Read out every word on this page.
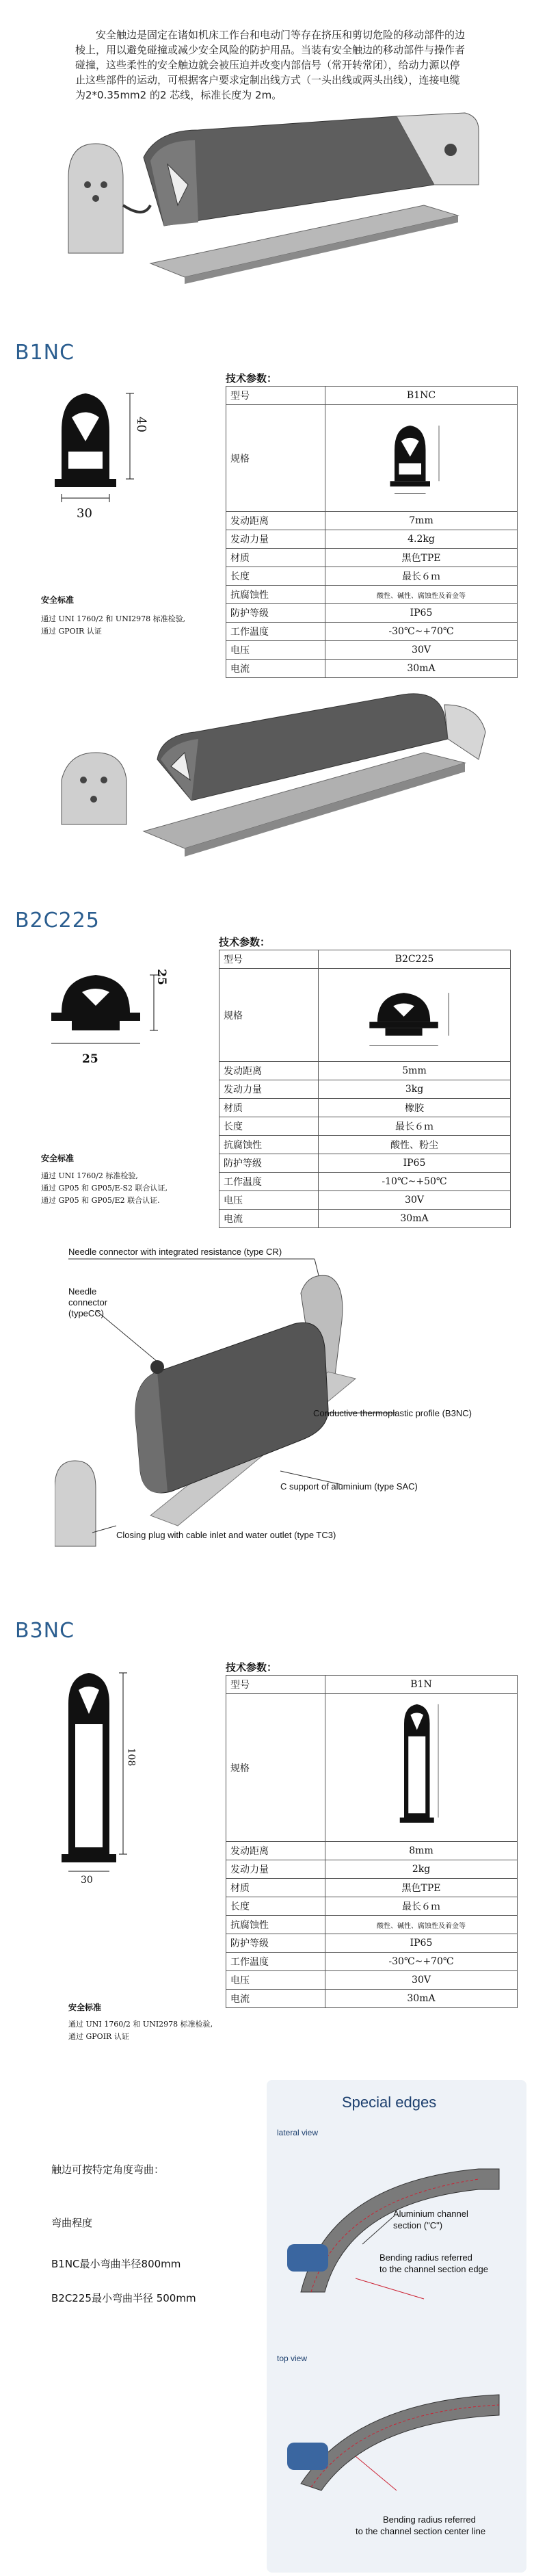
安全触边是固定在诸如机床工作台和电动门等存在挤压和剪切危险的移动部件的边棱上，用以避免碰撞或减少安全风险的防护用品。当装有安全触边的移动部件与操作者碰撞，这些柔性的安全触边就会被压迫并改变内部信号（常开转常闭），给动力源以停止这些部件的运动，可根据客户要求定制出线方式（一头出线或两头出线），连接电缆为2*0.35mm2 的2 芯线，标准长度为 2m。
B1NC
40
30
技术参数：
型号	B1NC
规格	
发动距离	7mm
发动力量	4.2kg
材质	黑色TPE
长度	最长６ｍ
抗腐蚀性	酸性、碱性、腐蚀性及着金等
防护等级	IP65
工作温度	-30℃~+70℃
电压	30V
电流	30mA
安全标准
通过 UNI 1760/2 和 UNI2978 标准检验,
通过 GPOIR 认证
B2C225
25
25
技术参数：
型号	B2C225
规格	
发动距离	5mm
发动力量	3kg
材质	橡胶
长度	最长６ｍ
抗腐蚀性	酸性、粉尘
防护等级	IP65
工作温度	-10℃~+50℃
电压	30V
电流	30mA
安全标准
通过 UNI 1760/2 标准检验,
通过 GP05 和 GP05/E-S2 联合认证,
通过 GP05 和 GP05/E2 联合认证.
Needle connector with integrated resistance (type CR)
Needle
connector
(typeCC)
Conductive thermoplastic profile (B3NC)
C support of aluminium (type SAC)
Closing plug with cable inlet and water outlet (type TC3)
B3NC
108
30
技术参数：
型号	B1N
规格	
发动距离	8mm
发动力量	2kg
材质	黑色TPE
长度	最长６ｍ
抗腐蚀性	酸性、碱性、腐蚀性及着金等
防护等级	IP65
工作温度	-30℃~+70℃
电压	30V
电流	30mA
安全标准
通过 UNI 1760/2 和 UNI2978 标准检验,
通过 GPOIR 认证
触边可按特定角度弯曲：
弯曲程度
B1NC最小弯曲半径800mm
B2C225最小弯曲半径 500mm
Special edges
lateral view
Aluminium channel
section ("C")
Bending radius referred
to the channel section edge
top view
Bending radius referred
to the channel section center line
